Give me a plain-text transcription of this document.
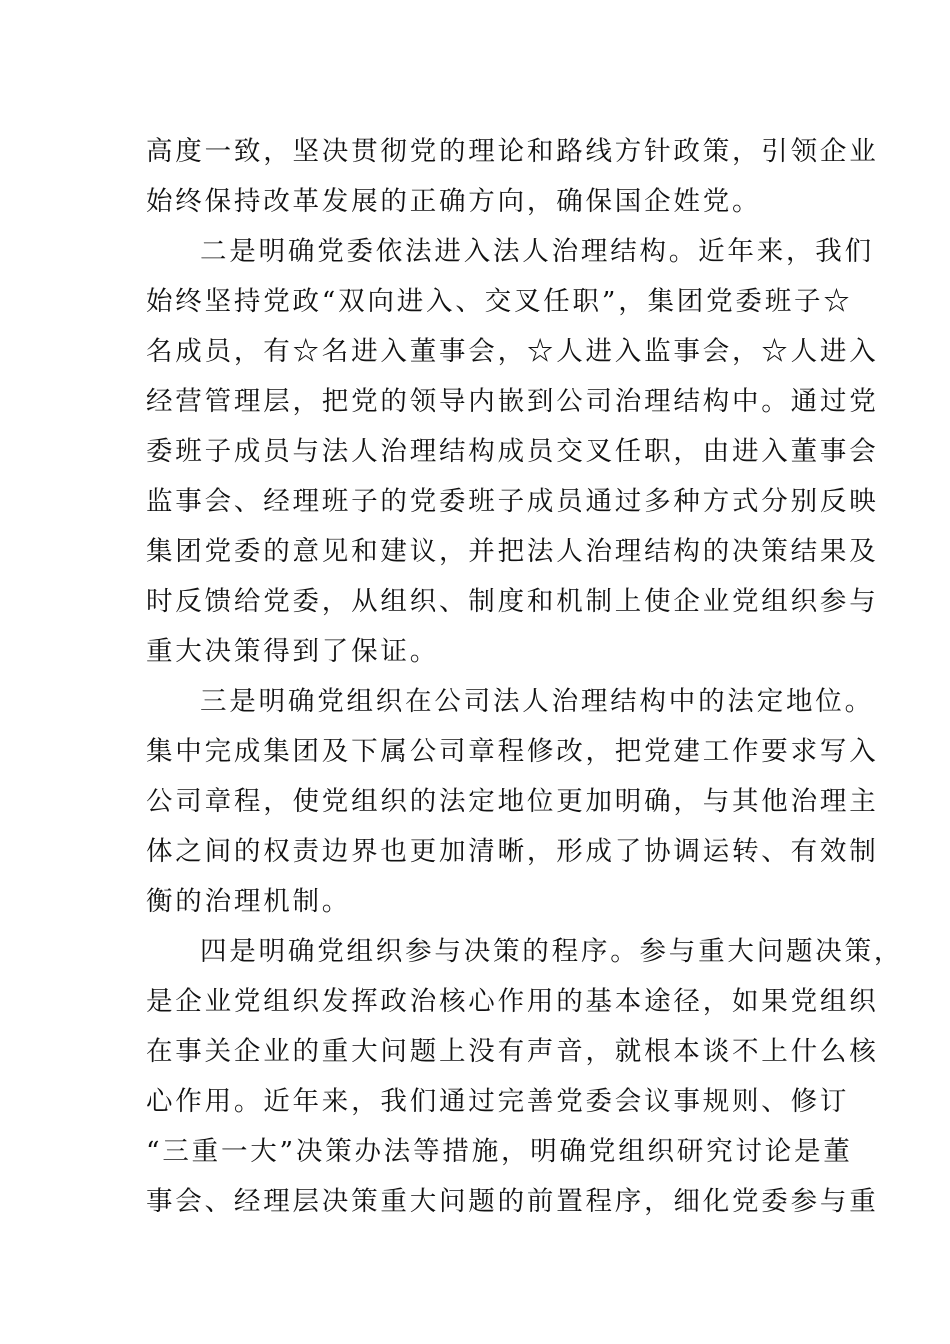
高度一致，坚决贯彻党的理论和路线方针政策，引领企业
始终保持改革发展的正确方向，确保国企姓党。
二是明确党委依法进入法人治理结构。近年来，我们
始终坚持党政“双向进入、交叉任职”，集团党委班子☆
名成员，有☆名进入董事会，☆人进入监事会，☆人进入
经营管理层，把党的领导内嵌到公司治理结构中。通过党
委班子成员与法人治理结构成员交叉任职，由进入董事会
监事会、经理班子的党委班子成员通过多种方式分别反映
集团党委的意见和建议，并把法人治理结构的决策结果及
时反馈给党委，从组织、制度和机制上使企业党组织参与
重大决策得到了保证。
三是明确党组织在公司法人治理结构中的法定地位。
集中完成集团及下属公司章程修改，把党建工作要求写入
公司章程，使党组织的法定地位更加明确，与其他治理主
体之间的权责边界也更加清晰，形成了协调运转、有效制
衡的治理机制。
四是明确党组织参与决策的程序。参与重大问题决策，
是企业党组织发挥政治核心作用的基本途径，如果党组织
在事关企业的重大问题上没有声音，就根本谈不上什么核
心作用。近年来，我们通过完善党委会议事规则、修订
“三重一大”决策办法等措施，明确党组织研究讨论是董
事会、经理层决策重大问题的前置程序，细化党委参与重
